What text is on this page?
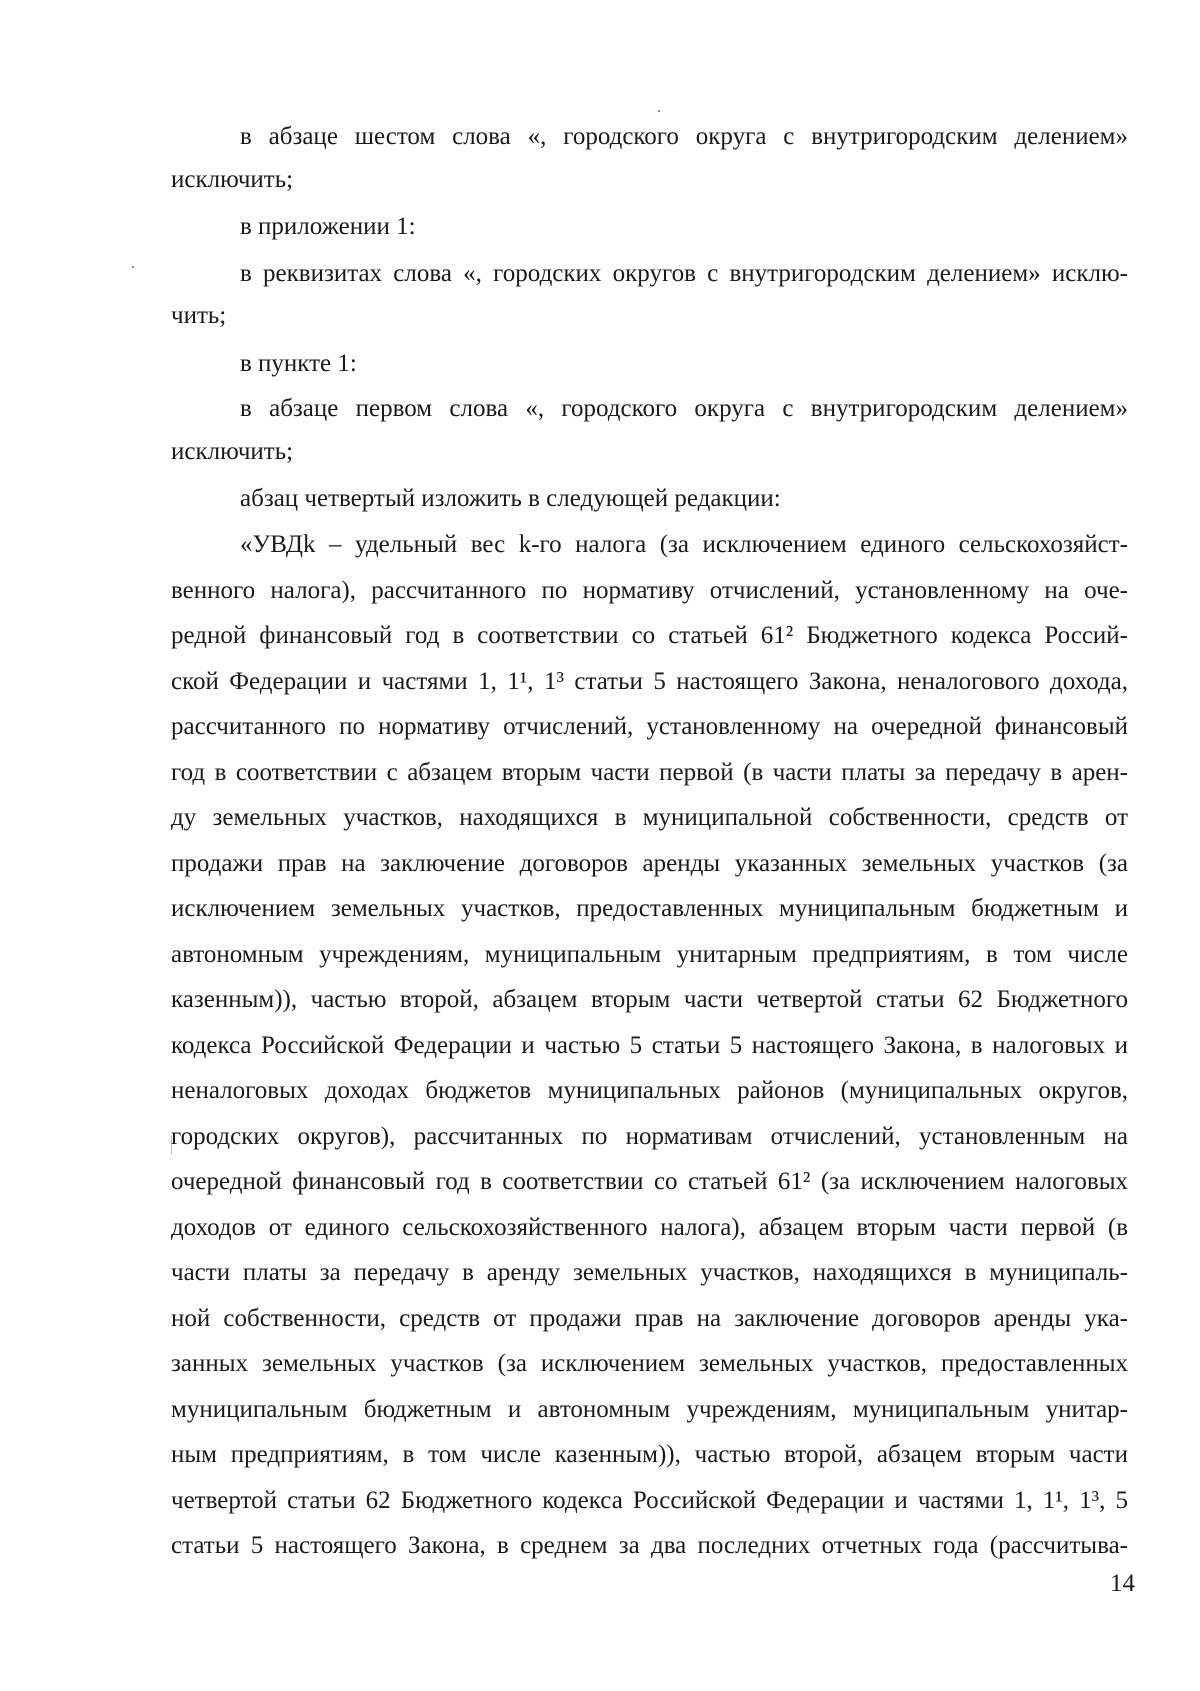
в абзаце шестом слова «, городского округа с внутригородским делением»
исключить;
в приложении 1:
в реквизитах слова «, городских округов с внутригородским делением» исклю-
чить;
в пункте 1:
в абзаце первом слова «, городского округа с внутригородским делением»
исключить;
абзац четвертый изложить в следующей редакции:
«УВДk – удельный вес k-го налога (за исключением единого сельскохозяйст-
венного налога), рассчитанного по нормативу отчислений, установленному на оче-
редной финансовый год в соответствии со статьей 61² Бюджетного кодекса Россий-
ской Федерации и частями 1, 1¹, 1³ статьи 5 настоящего Закона, неналогового дохода,
рассчитанного по нормативу отчислений, установленному на очередной финансовый
год в соответствии с абзацем вторым части первой (в части платы за передачу в арен-
ду земельных участков, находящихся в муниципальной собственности, средств от
продажи прав на заключение договоров аренды указанных земельных участков (за
исключением земельных участков, предоставленных муниципальным бюджетным и
автономным учреждениям, муниципальным унитарным предприятиям, в том числе
казенным)), частью второй, абзацем вторым части четвертой статьи 62 Бюджетного
кодекса Российской Федерации и частью 5 статьи 5 настоящего Закона, в налоговых и
неналоговых доходах бюджетов муниципальных районов (муниципальных округов,
городских округов), рассчитанных по нормативам отчислений, установленным на
очередной финансовый год в соответствии со статьей 61² (за исключением налоговых
доходов от единого сельскохозяйственного налога), абзацем вторым части первой (в
части платы за передачу в аренду земельных участков, находящихся в муниципаль-
ной собственности, средств от продажи прав на заключение договоров аренды ука-
занных земельных участков (за исключением земельных участков, предоставленных
муниципальным бюджетным и автономным учреждениям, муниципальным унитар-
ным предприятиям, в том числе казенным)), частью второй, абзацем вторым части
четвертой статьи 62 Бюджетного кодекса Российской Федерации и частями 1, 1¹, 1³, 5
статьи 5 настоящего Закона, в среднем за два последних отчетных года (рассчитыва-
14
